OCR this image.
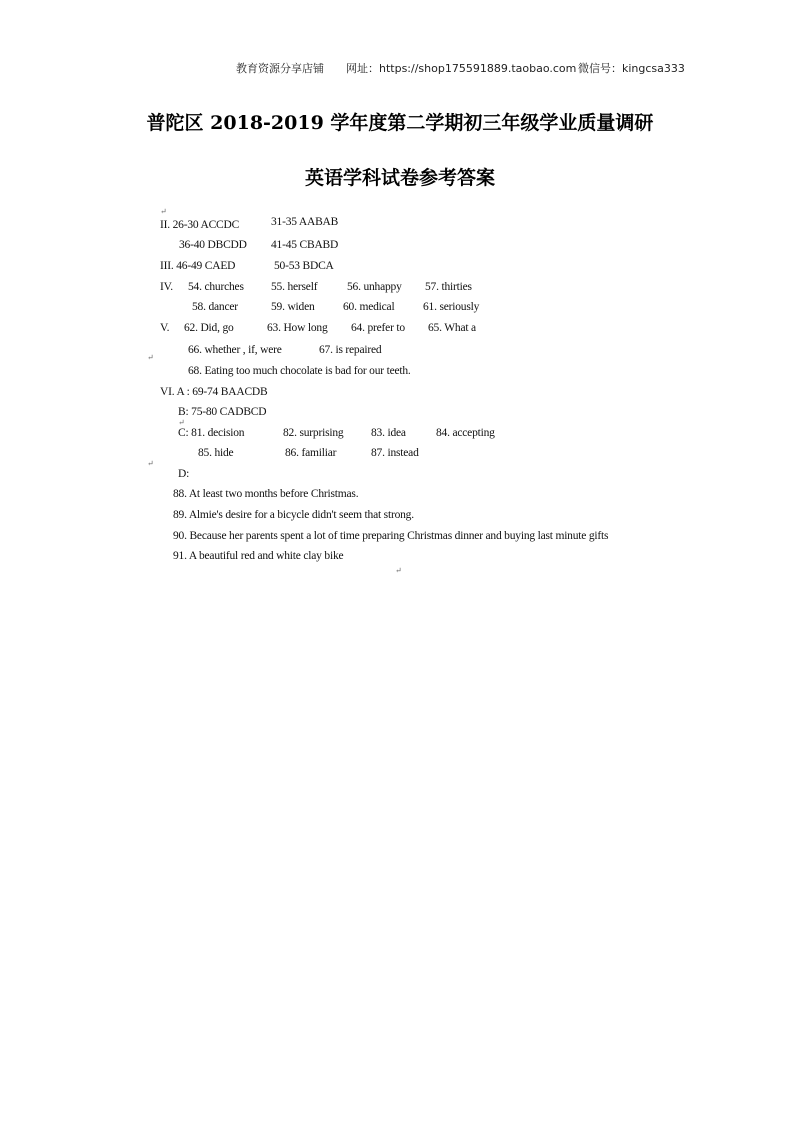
教育资源分享店铺 网址：https://shop175591889.taobao.com 微信号：kingcsa333
普陀区 2018-2019 学年度第二学期初三年级学业质量调研
英语学科试卷参考答案
↵
II. 26-30 ACCDC	31-35 AABAB
36-40 DBCDD 41-45 CBABD
III. 46-49 CAED	50-53 BDCA
IV. 54. churches 55. herself	56. unhappy 57. thirties
58. dancer	59. widen 60. medical 61. seriously
V. 62. Did, go	63. How long 64. prefer to 65. What a
↵
66. whether , if, were	67. is repaired
68. Eating too much chocolate is bad for our teeth.
VI. A : 69-74 BAACDB
B: 75-80 CADBCD
↵
C: 81. decision	82. surprising 83. idea	84. accepting
85. hide	86. familiar	87. instead
↵
D:
88. At least two months before Christmas.
89. Almie's desire for a bicycle didn't seem that strong.
90. Because her parents spent a lot of time preparing Christmas dinner and buying last minute gifts
91. A beautiful red and white clay bike
↵
